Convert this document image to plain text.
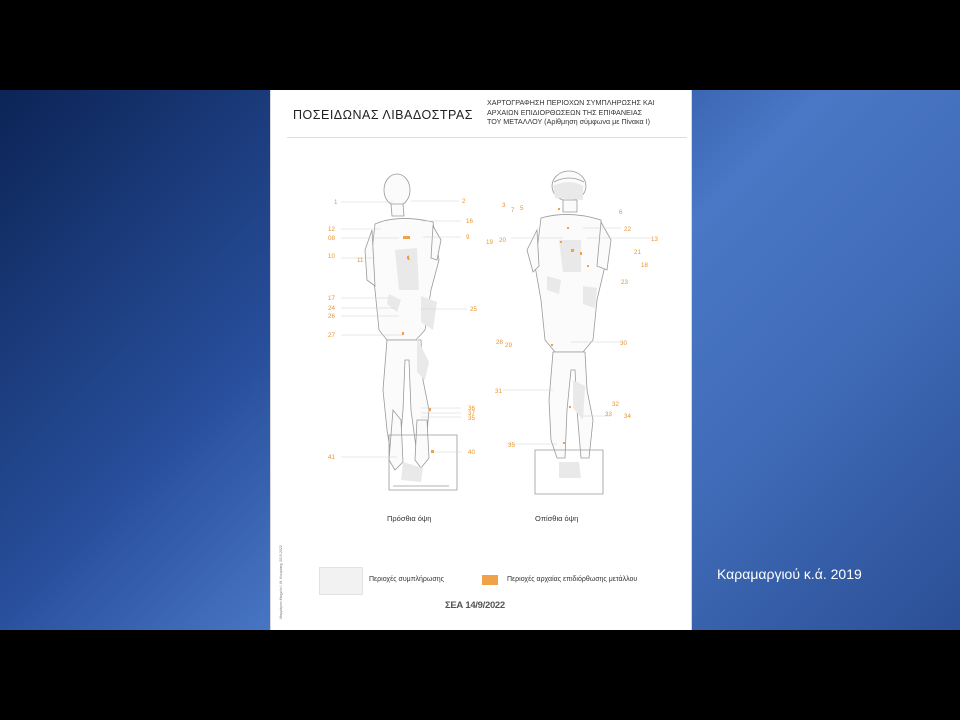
ΠΟΣΕΙΔΩΝΑΣ ΛΙΒΑΔΟΣΤΡΑΣ
ΧΑΡΤΟΓΡΑΦΗΣΗ ΠΕΡΙΟΧΩΝ ΣΥΜΠΛΗΡΩΣΗΣ ΚΑΙ
ΑΡΧΑΙΩΝ ΕΠΙΔΙΟΡΘΩΣΕΩΝ ΤΗΣ ΕΠΙΦΑΝΕΙΑΣ
ΤΟΥ ΜΕΤΑΛΛΟΥ (Αρίθμηση σύμφωνα με Πίνακα Ι)
1	2
16
12
08	9
10
11	1
17
24
26
25
27
36
37
35
40
41
3
7 5
6
22
13
19 20
21
18
23
28 29	30
31
32
33 34
35
Πρόσθια όψη	Οπίσθια όψη
Περιοχές συμπλήρωσης	Περιοχές αρχαίας επιδιόρθωσης μετάλλου
Μαρμάρινο Μνημείο Ι. Μ. Κουφάκης 2019-2022	ΣΕΑ 14/9/2022
Καραμαργιού κ.ά. 2019
